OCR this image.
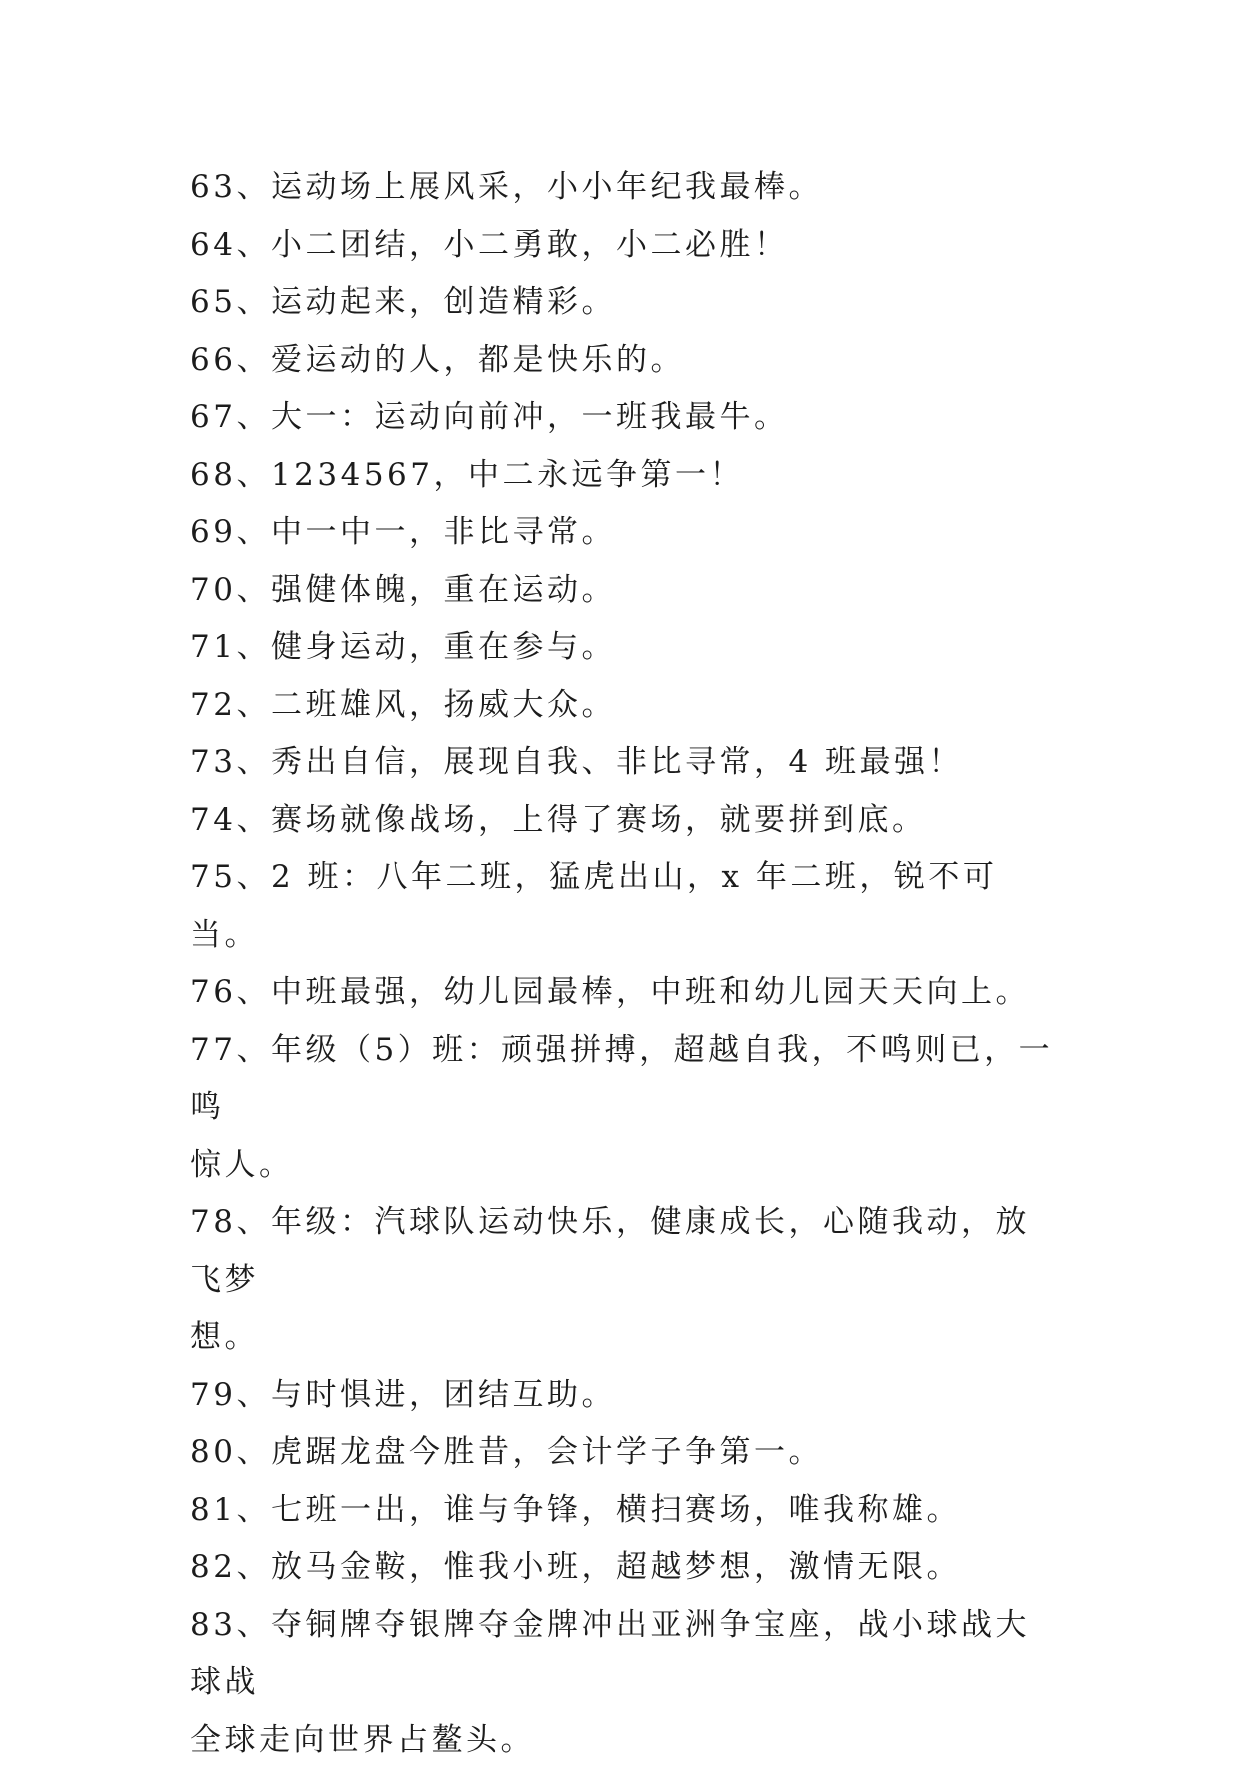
63、运动场上展风采，小小年纪我最棒。
64、小二团结，小二勇敢，小二必胜！
65、运动起来，创造精彩。
66、爱运动的人，都是快乐的。
67、大一：运动向前冲，一班我最牛。
68、1234567，中二永远争第一！
69、中一中一，非比寻常。
70、强健体魄，重在运动。
71、健身运动，重在参与。
72、二班雄风，扬威大众。
73、秀出自信，展现自我、非比寻常，4 班最强！
74、赛场就像战场，上得了赛场，就要拼到底。
75、2 班：八年二班，猛虎出山，x 年二班，锐不可当。
76、中班最强，幼儿园最棒，中班和幼儿园天天向上。
77、年级（5）班：顽强拼搏，超越自我，不鸣则已，一鸣
惊人。
78、年级：汽球队运动快乐，健康成长，心随我动，放飞梦
想。
79、与时惧进，团结互助。
80、虎踞龙盘今胜昔，会计学子争第一。
81、七班一出，谁与争锋，横扫赛场，唯我称雄。
82、放马金鞍，惟我小班，超越梦想，激情无限。
83、夺铜牌夺银牌夺金牌冲出亚洲争宝座，战小球战大球战
全球走向世界占鳌头。
